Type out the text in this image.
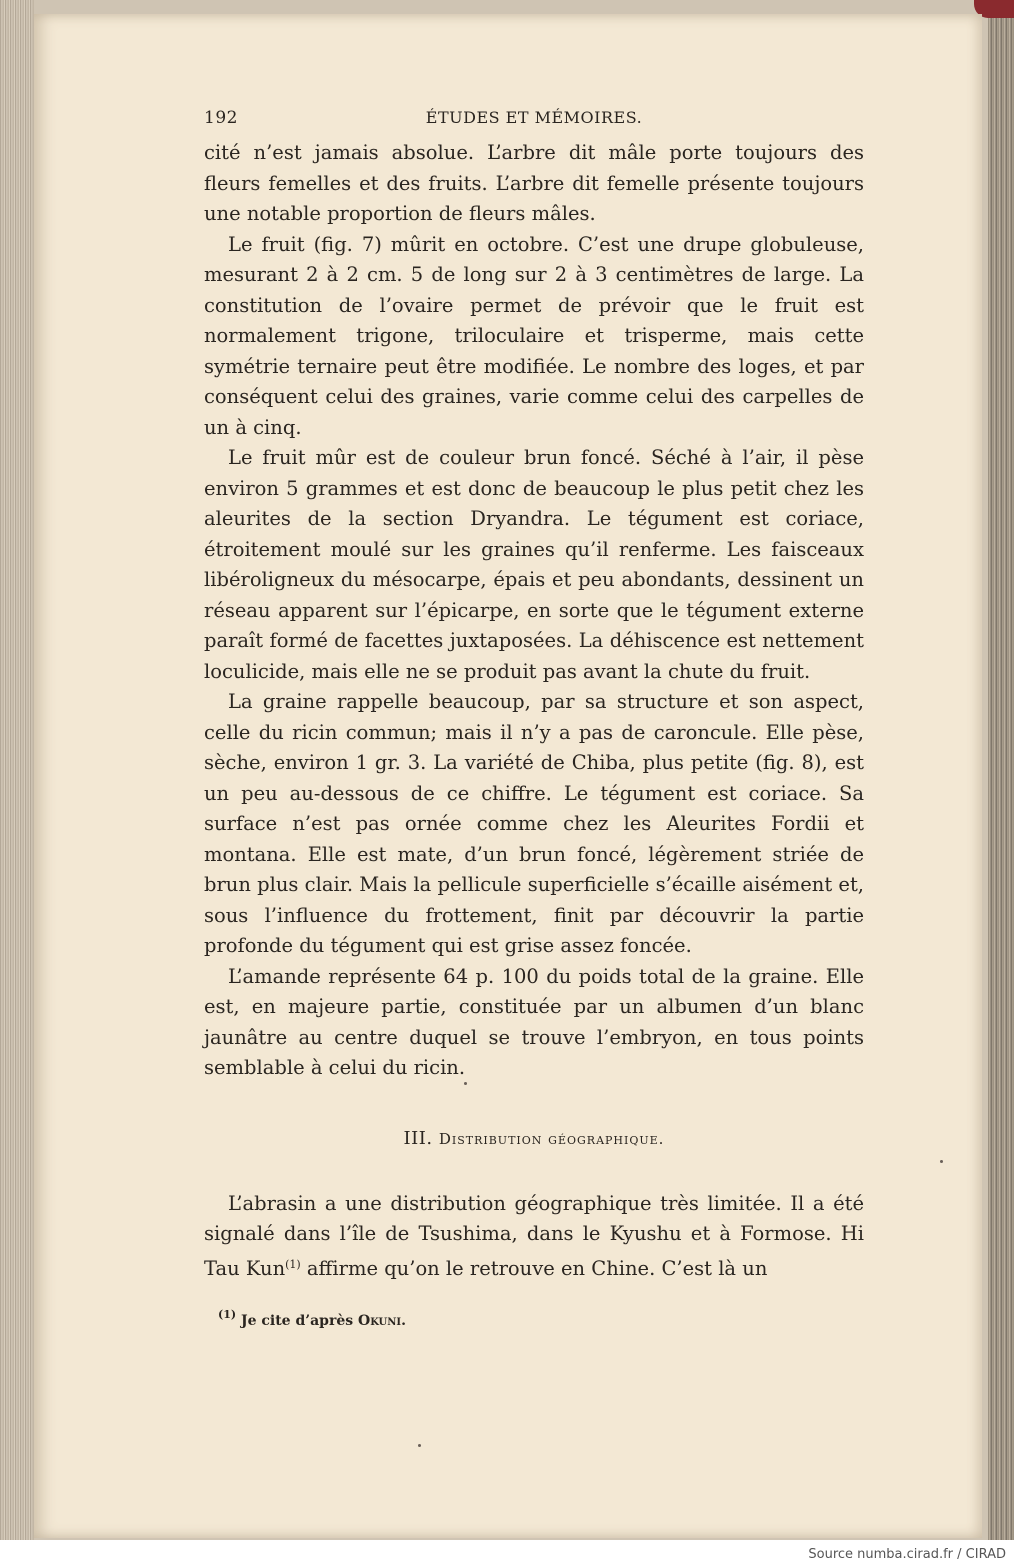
192	ÉTUDES ET MÉMOIRES.

cité n’est jamais absolue. L’arbre dit mâle porte toujours des fleurs femelles et des fruits. L’arbre dit femelle présente toujours une notable proportion de fleurs mâles.

Le fruit (fig. 7) mûrit en octobre. C’est une drupe globuleuse, mesurant 2 à 2 cm. 5 de long sur 2 à 3 centimètres de large. La constitution de l’ovaire permet de prévoir que le fruit est normalement trigone, triloculaire et trisperme, mais cette symétrie ternaire peut être modifiée. Le nombre des loges, et par conséquent celui des graines, varie comme celui des carpelles de un à cinq.

Le fruit mûr est de couleur brun foncé. Séché à l’air, il pèse environ 5 grammes et est donc de beaucoup le plus petit chez les aleurites de la section Dryandra. Le tégument est coriace, étroitement moulé sur les graines qu’il renferme. Les faisceaux libéroligneux du mésocarpe, épais et peu abondants, dessinent un réseau apparent sur l’épicarpe, en sorte que le tégument externe paraît formé de facettes juxtaposées. La déhiscence est nettement loculicide, mais elle ne se produit pas avant la chute du fruit.

La graine rappelle beaucoup, par sa structure et son aspect, celle du ricin commun; mais il n’y a pas de caroncule. Elle pèse, sèche, environ 1 gr. 3. La variété de Chiba, plus petite (fig. 8), est un peu au-dessous de ce chiffre. Le tégument est coriace. Sa surface n’est pas ornée comme chez les Aleurites Fordii et montana. Elle est mate, d’un brun foncé, légèrement striée de brun plus clair. Mais la pellicule superficielle s’écaille aisément et, sous l’influence du frottement, finit par découvrir la partie profonde du tégument qui est grise assez foncée.

L’amande représente 64 p. 100 du poids total de la graine. Elle est, en majeure partie, constituée par un albumen d’un blanc jaunâtre au centre duquel se trouve l’embryon, en tous points semblable à celui du ricin.

III. Distribution géographique.

L’abrasin a une distribution géographique très limitée. Il a été signalé dans l’île de Tsushima, dans le Kyushu et à Formose. Hi Tau Kun$^{(1)}$ affirme qu’on le retrouve en Chine. C’est là un

$^{(1)}$ Je cite d’après Okuni.
Source numba.cirad.fr / CIRAD
